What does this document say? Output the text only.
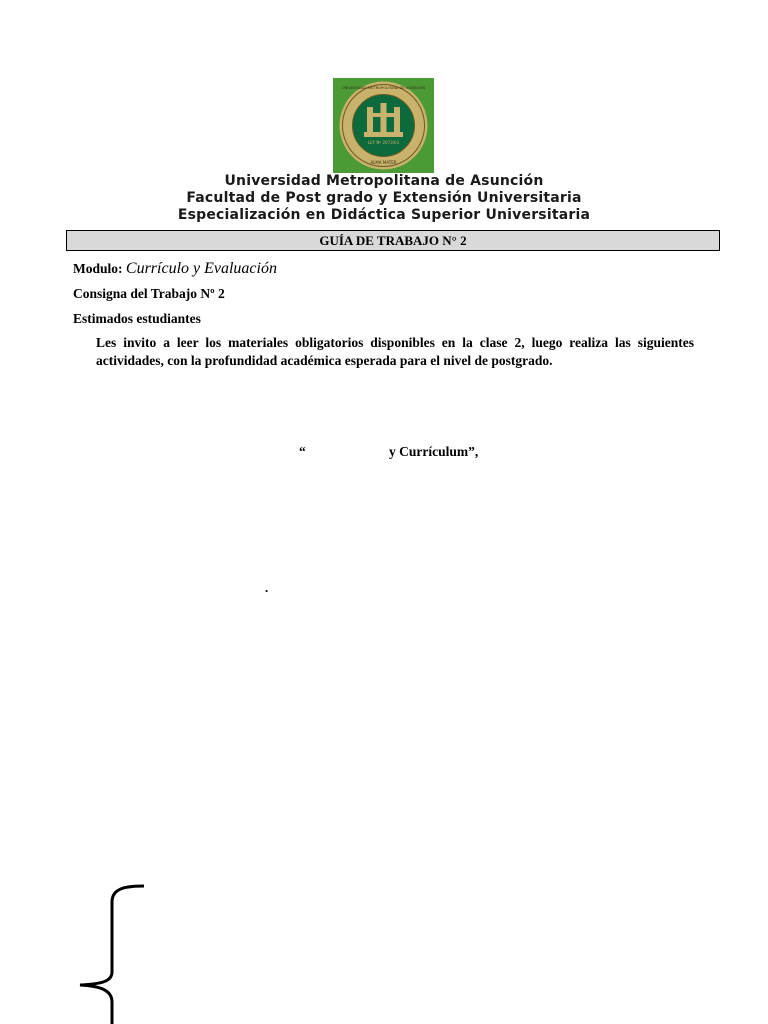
LEY Nº 2073/03
ALMA MATER
UNIVERSIDAD METROPOLITANA DE ASUNCIÓN
Universidad Metropolitana de Asunción
Facultad de Post grado y Extensión Universitaria
Especialización en Didáctica Superior Universitaria
GUÍA DE TRABAJO N° 2
Modulo: Currículo y Evaluación
Consigna del Trabajo Nº 2
Estimados estudiantes
Les invito a leer los materiales obligatorios disponibles en la clase 2, luego realiza las siguientes actividades, con la profundidad académica esperada para el nivel de postgrado.
“	y Currículum”,
.
